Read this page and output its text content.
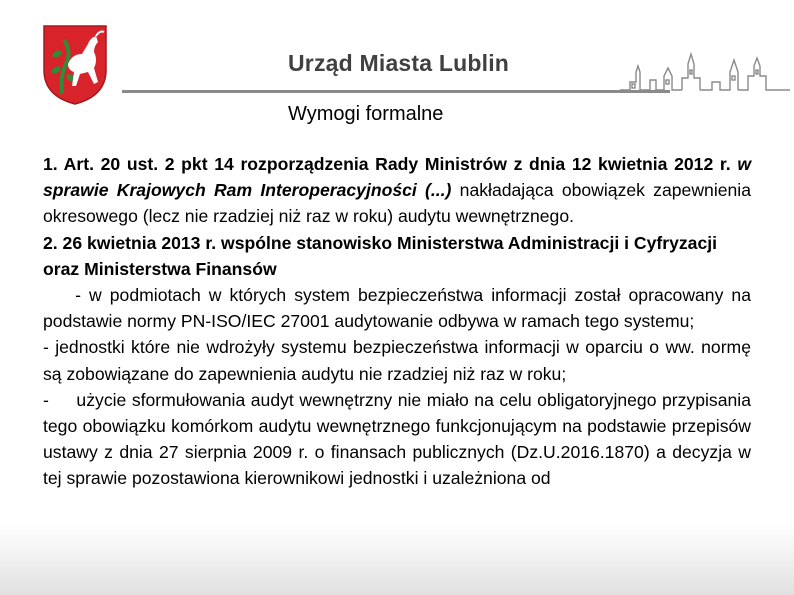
Urząd Miasta Lublin
Wymogi formalne

1. Art. 20 ust. 2 pkt 14 rozporządzenia Rady Ministrów z dnia 12 kwietnia 2012 r. w sprawie Krajowych Ram Interoperacyjności (...) nakładająca obowiązek zapewnienia okresowego (lecz nie rzadziej niż raz w roku) audytu wewnętrznego.

2. 26 kwietnia 2013 r. wspólne stanowisko Ministerstwa Administracji i Cyfryzacji oraz Ministerstwa Finansów

- w podmiotach w których system bezpieczeństwa informacji został opracowany na podstawie normy PN-ISO/IEC 27001 audytowanie odbywa w ramach tego systemu;

- jednostki które nie wdrożyły systemu bezpieczeństwa informacji w oparciu o ww. normę są zobowiązane do zapewnienia audytu nie rzadziej niż raz w roku;

-     użycie sformułowania audyt wewnętrzny nie miało na celu obligatoryjnego przypisania tego obowiązku komórkom audytu wewnętrznego funkcjonującym na podstawie przepisów ustawy z dnia 27 sierpnia 2009 r. o finansach publicznych (Dz.U.2016.1870) a decyzja w tej sprawie pozostawiona kierownikowi jednostki i uzależniona od
